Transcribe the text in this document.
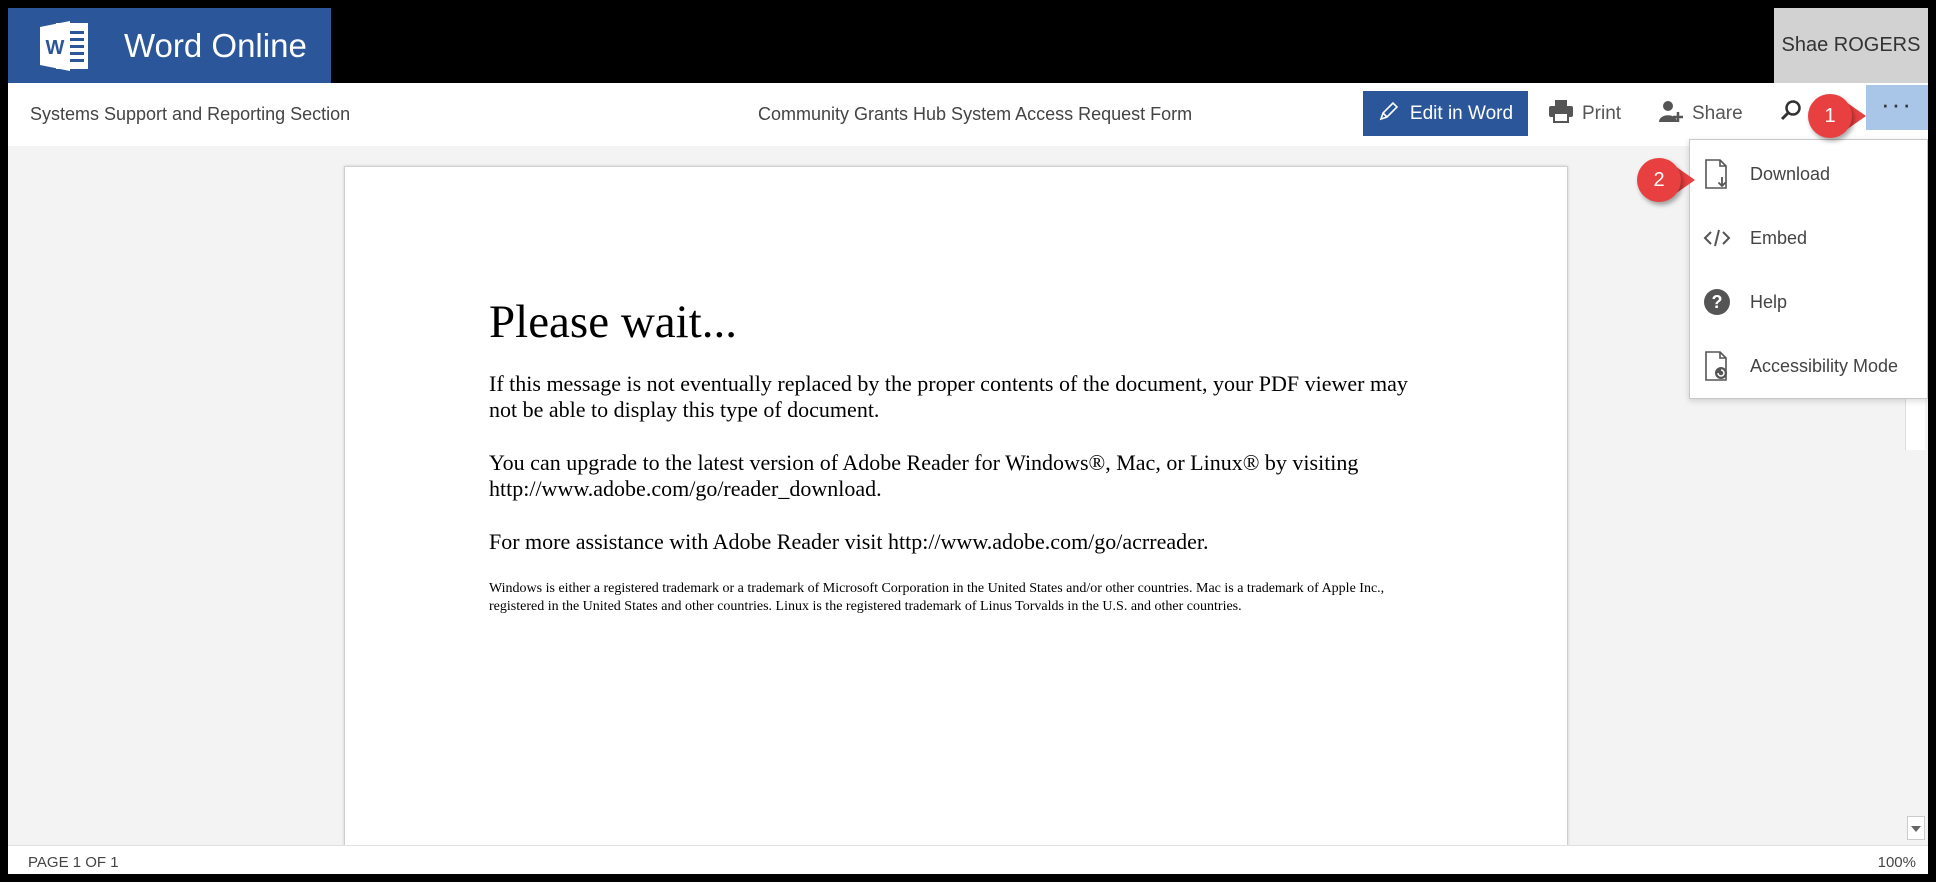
W Word Online	Shae ROGERS
Systems Support and Reporting Section	Community Grants Hub System Access Request Form	Edit in Word	Print	Share	···
Please wait...

If this message is not eventually replaced by the proper contents of the document, your PDF viewer may not be able to display this type of document.

You can upgrade to the latest version of Adobe Reader for Windows®, Mac, or Linux® by visiting http://www.adobe.com/go/reader_download.

For more assistance with Adobe Reader visit http://www.adobe.com/go/acrreader.

Windows is either a registered trademark or a trademark of Microsoft Corporation in the United States and/or other countries. Mac is a trademark of Apple Inc., registered in the United States and other countries. Linux is the registered trademark of Linus Torvalds in the U.S. and other countries.

PAGE 1 OF 1	100%
Download
Embed
? Help
Accessibility Mode
1
2
